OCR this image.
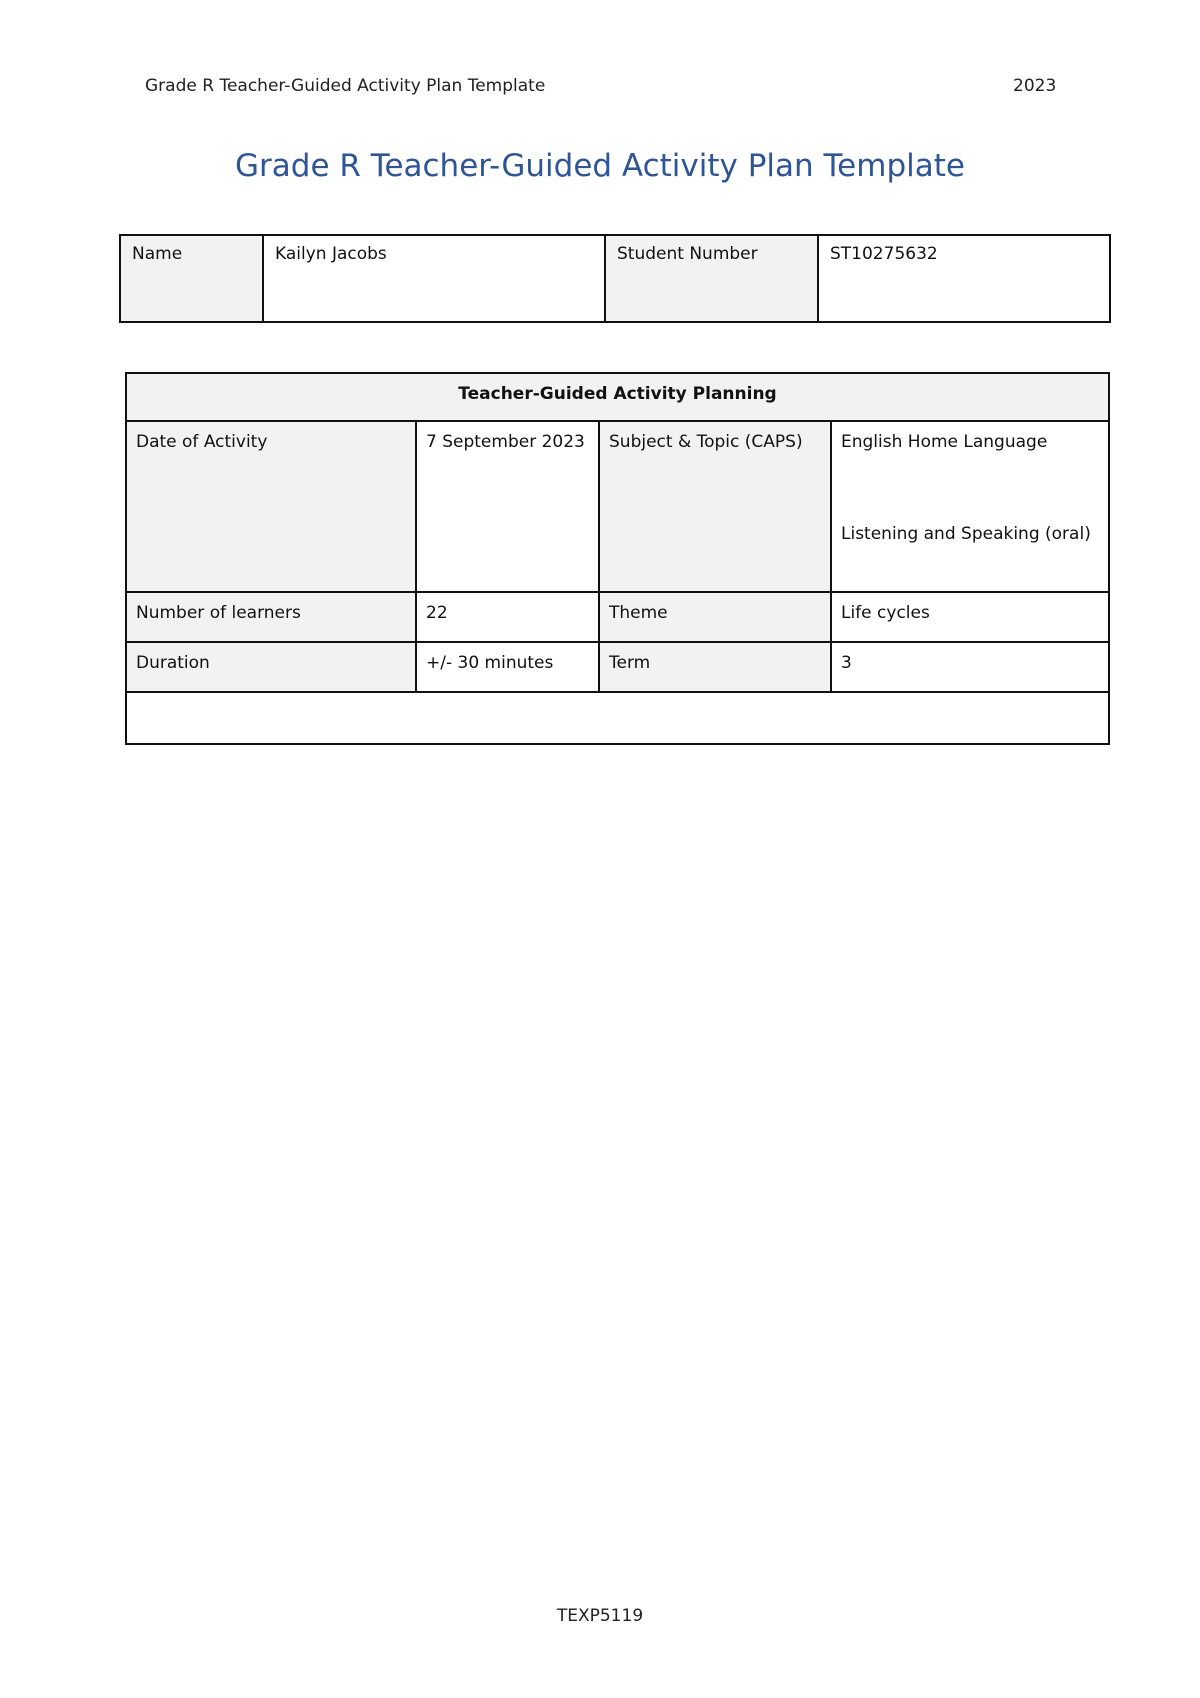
Grade R Teacher-Guided Activity Plan Template	2023
Grade R Teacher-Guided Activity Plan Template
Name	Kailyn Jacobs	Student Number	ST10275632
Teacher-Guided Activity Planning			
Date of Activity	7 September 2023	Subject & Topic (CAPS)	English Home Language
Listening and Speaking (oral)

Number of learners	22	Theme	Life cycles
Duration	+/- 30 minutes	Term	3

TEXP5119
